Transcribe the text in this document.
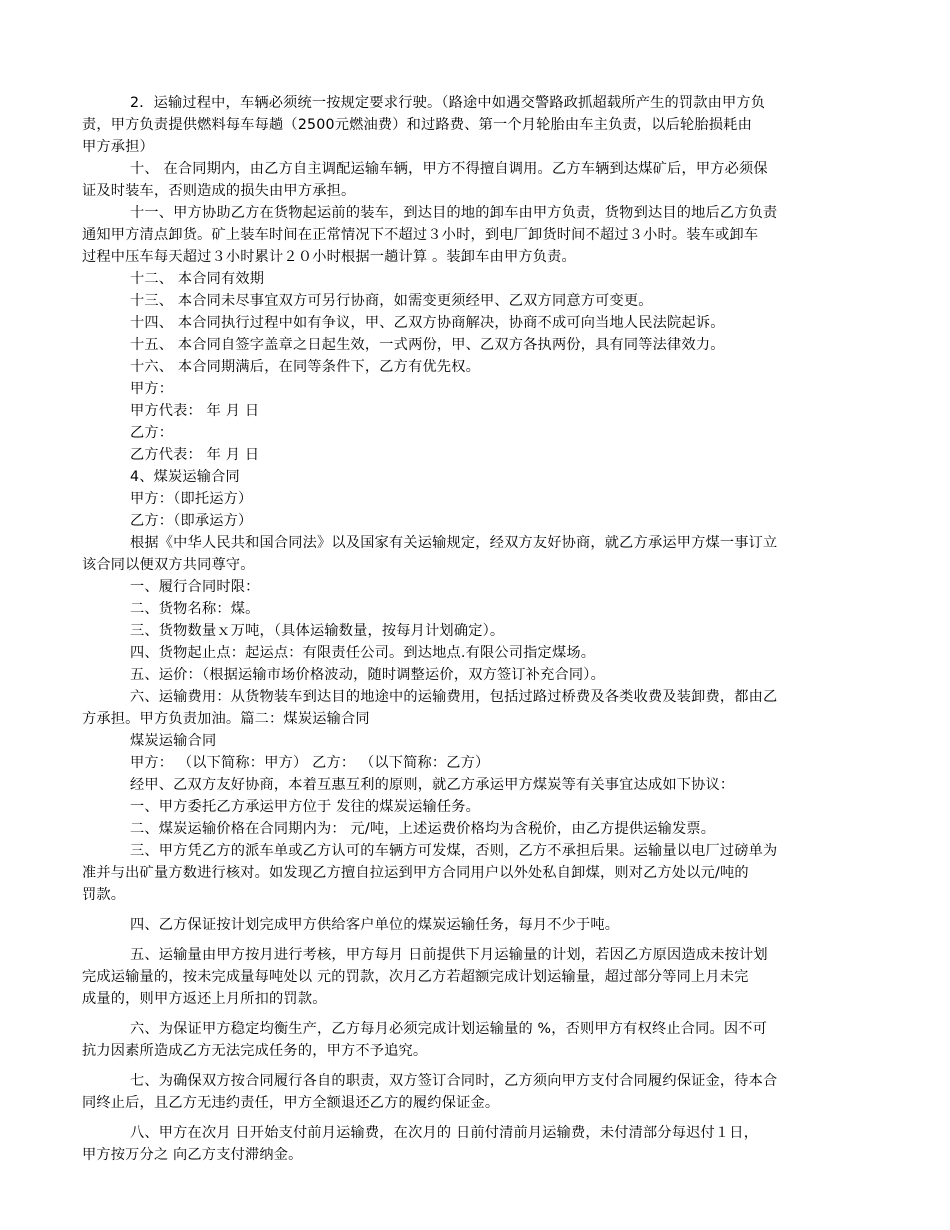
2．运输过程中，车辆必须统一按规定要求行驶。（路途中如遇交警路政抓超载所产生的罚款由甲方负
责，甲方负责提供燃料每车每趟（2500元燃油费）和过路费、第一个月轮胎由车主负责，以后轮胎损耗由
甲方承担）
十、 在合同期内，由乙方自主调配运输车辆，甲方不得擅自调用。乙方车辆到达煤矿后，甲方必须保
证及时装车，否则造成的损失由甲方承担。
十一、甲方协助乙方在货物起运前的装车，到达目的地的卸车由甲方负责，货物到达目的地后乙方负责
通知甲方清点卸货。矿上装车时间在正常情况下不超过３小时，到电厂卸货时间不超过３小时。装车或卸车
过程中压车每天超过３小时累计２０小时根据一趟计算 。装卸车由甲方负责。
十二、 本合同有效期
十三、 本合同未尽事宜双方可另行协商，如需变更须经甲、乙双方同意方可变更。
十四、 本合同执行过程中如有争议，甲、乙双方协商解决，协商不成可向当地人民法院起诉。
十五、 本合同自签字盖章之日起生效，一式两份，甲、乙双方各执两份，具有同等法律效力。
十六、 本合同期满后，在同等条件下，乙方有优先权。
甲方：
甲方代表： 年 月 日
乙方：
乙方代表： 年 月 日
4、煤炭运输合同
甲方：（即托运方）
乙方：（即承运方）
根据《中华人民共和国合同法》以及国家有关运输规定，经双方友好协商，就乙方承运甲方煤一事订立
该合同以便双方共同尊守。
一、履行合同时限：
二、货物名称：煤。
三、货物数量ｘ万吨，（具体运输数量，按每月计划确定）。
四、货物起止点：起运点：有限责任公司。到达地点.有限公司指定煤场。
五、运价：（根据运输市场价格波动，随时调整运价，双方签订补充合同）。
六、运输费用：从货物装车到达目的地途中的运输费用，包括过路过桥费及各类收费及装卸费，都由乙
方承担。甲方负责加油。篇二：煤炭运输合同
煤炭运输合同
甲方： （以下简称：甲方） 乙方： （以下简称：乙方）
经甲、乙双方友好协商，本着互惠互利的原则，就乙方承运甲方煤炭等有关事宜达成如下协议：
一、甲方委托乙方承运甲方位于 发往的煤炭运输任务。
二、煤炭运输价格在合同期内为： 元/吨，上述运费价格均为含税价，由乙方提供运输发票。
三、甲方凭乙方的派车单或乙方认可的车辆方可发煤，否则，乙方不承担后果。运输量以电厂过磅单为
准并与出矿量方数进行核对。如发现乙方擅自拉运到甲方合同用户以外处私自卸煤，则对乙方处以元/吨的
罚款。
四、乙方保证按计划完成甲方供给客户单位的煤炭运输任务，每月不少于吨。
五、运输量由甲方按月进行考核，甲方每月 日前提供下月运输量的计划，若因乙方原因造成未按计划
完成运输量的，按未完成量每吨处以 元的罚款，次月乙方若超额完成计划运输量，超过部分等同上月未完
成量的，则甲方返还上月所扣的罚款。
六、为保证甲方稳定均衡生产，乙方每月必须完成计划运输量的 %，否则甲方有权终止合同。因不可
抗力因素所造成乙方无法完成任务的，甲方不予追究。
七、为确保双方按合同履行各自的职责，双方签订合同时，乙方须向甲方支付合同履约保证金，待本合
同终止后，且乙方无违约责任，甲方全额退还乙方的履约保证金。
八、甲方在次月 日开始支付前月运输费，在次月的 日前付清前月运输费，未付清部分每迟付１日，
甲方按万分之 向乙方支付滞纳金。
